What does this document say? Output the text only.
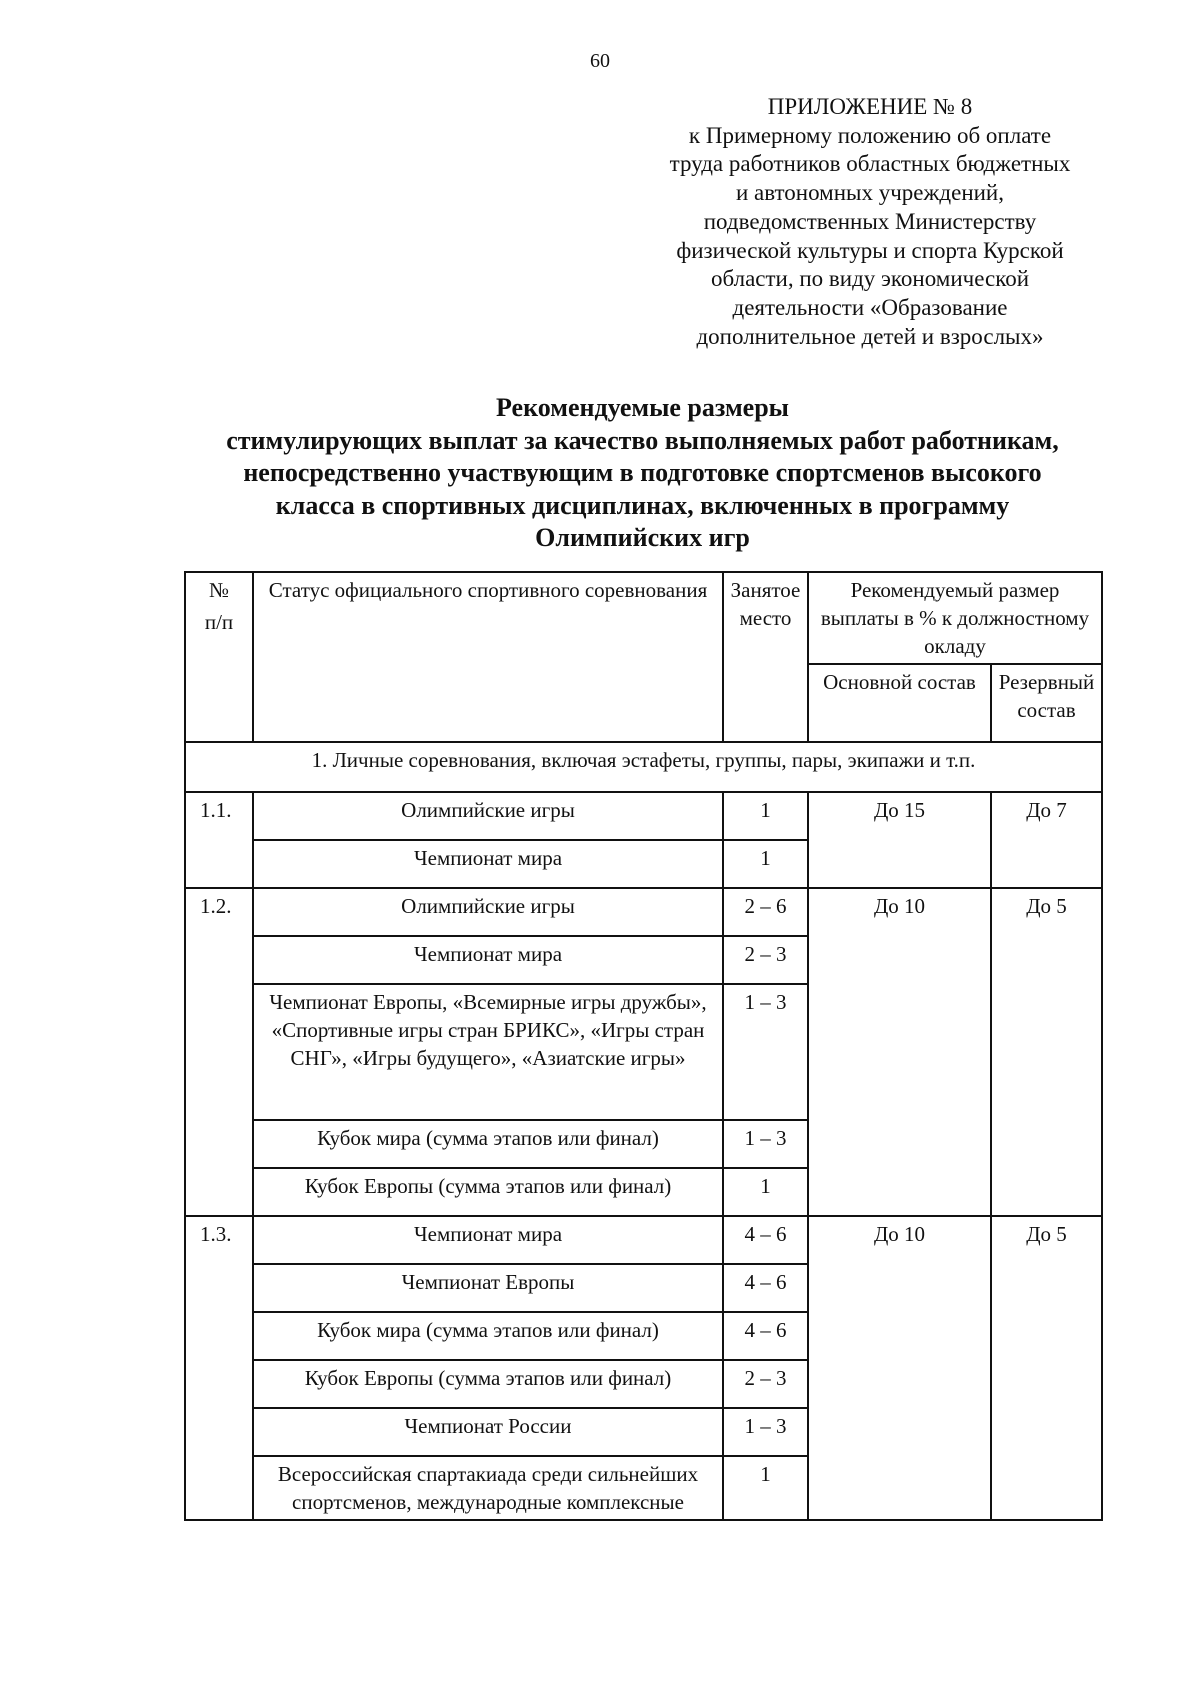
60
ПРИЛОЖЕНИЕ № 8
к Примерному положению об оплате
труда работников областных бюджетных
и автономных учреждений,
подведомственных Министерству
физической культуры и спорта Курской
области, по виду экономической
деятельности «Образование
дополнительное детей и взрослых»
Рекомендуемые размеры
стимулирующих выплат за качество выполняемых работ работникам,
непосредственно участвующим в подготовке спортсменов высокого
класса в спортивных дисциплинах, включенных в программу
Олимпийских игр
№
п/п	Статус официального спортивного соревнования	Занятое место	Рекомендуемый размер выплаты в % к должностному окладу	
			Основной состав	Резервный состав
1. Личные соревнования, включая эстафеты, группы, пары, экипажи и т.п.				
1.1.	Олимпийские игры	1	До 15	До 7
	Чемпионат мира	1		
1.2.	Олимпийские игры	2 – 6	До 10	До 5
	Чемпионат мира	2 – 3		
	Чемпионат Европы, «Всемирные игры дружбы», «Спортивные игры стран БРИКС», «Игры стран СНГ», «Игры будущего», «Азиатские игры»	1 – 3		
	Кубок мира (сумма этапов или финал)	1 – 3		
	Кубок Европы (сумма этапов или финал)	1		
1.3.	Чемпионат мира	4 – 6	До 10	До 5
	Чемпионат Европы	4 – 6		
	Кубок мира (сумма этапов или финал)	4 – 6		
	Кубок Европы (сумма этапов или финал)	2 – 3		
	Чемпионат России	1 – 3		
	Всероссийская спартакиада среди сильнейших спортсменов, международные комплексные	1		
